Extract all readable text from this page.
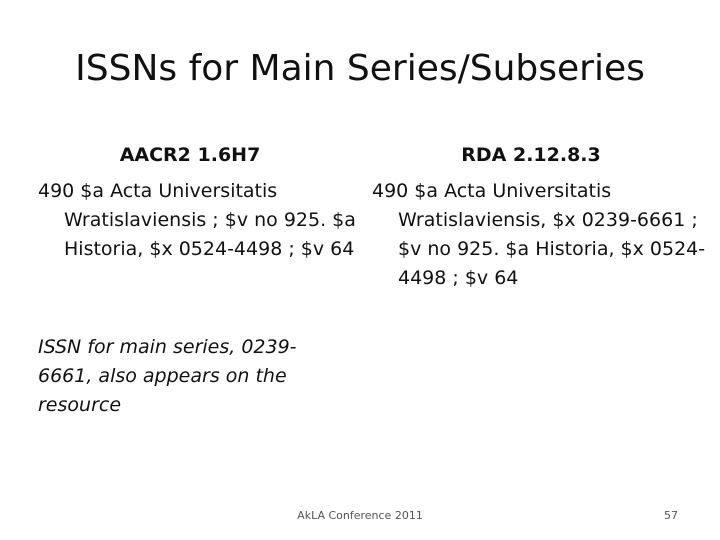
ISSNs for Main Series/Subseries
AACR2 1.6H7	RDA 2.12.8.3
490 $a Acta Universitatis Wratislaviensis ; $v no 925. $a Historia, $x 0524-4498 ; $v 64
490 $a Acta Universitatis Wratislaviensis, $x 0239-6661 ; $v no 925. $a Historia, $x 0524-4498 ; $v 64
ISSN for main series, 0239-6661, also appears on the resource
AkLA Conference 2011	57
